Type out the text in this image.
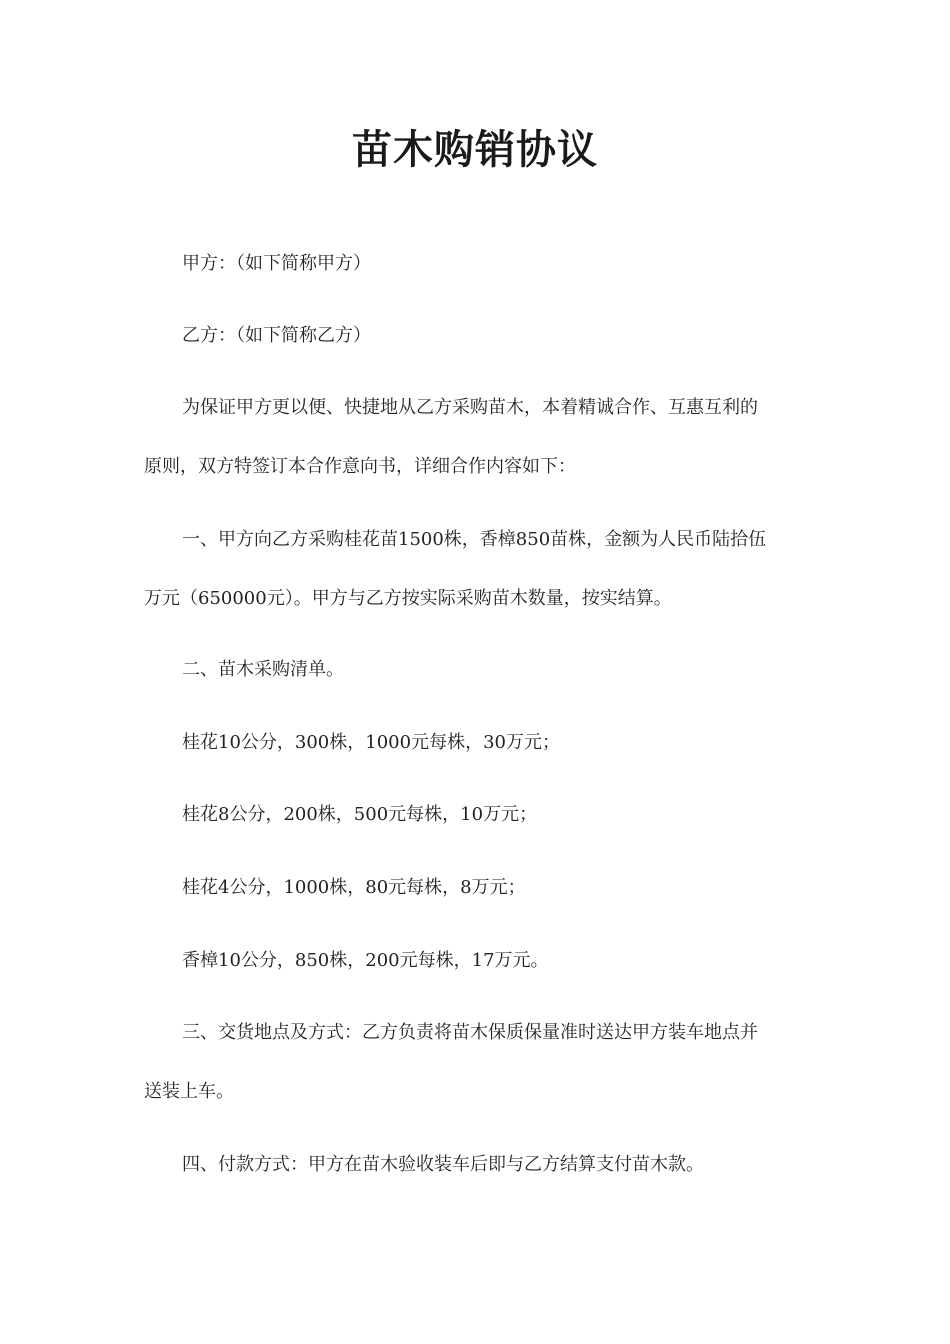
苗木购销协议
甲方：（如下简称甲方）
乙方：（如下简称乙方）
为保证甲方更以便、快捷地从乙方采购苗木，本着精诚合作、互惠互利的
原则，双方特签订本合作意向书，详细合作内容如下：
一、甲方向乙方采购桂花苗1500株，香樟850苗株，金额为人民币陆拾伍
万元（650000元）。甲方与乙方按实际采购苗木数量，按实结算。
二、苗木采购清单。
桂花10公分，300株，1000元每株，30万元；
桂花8公分，200株，500元每株，10万元；
桂花4公分，1000株，80元每株，8万元；
香樟10公分，850株，200元每株，17万元。
三、交货地点及方式：乙方负责将苗木保质保量准时送达甲方装车地点并
送装上车。
四、付款方式：甲方在苗木验收装车后即与乙方结算支付苗木款。
